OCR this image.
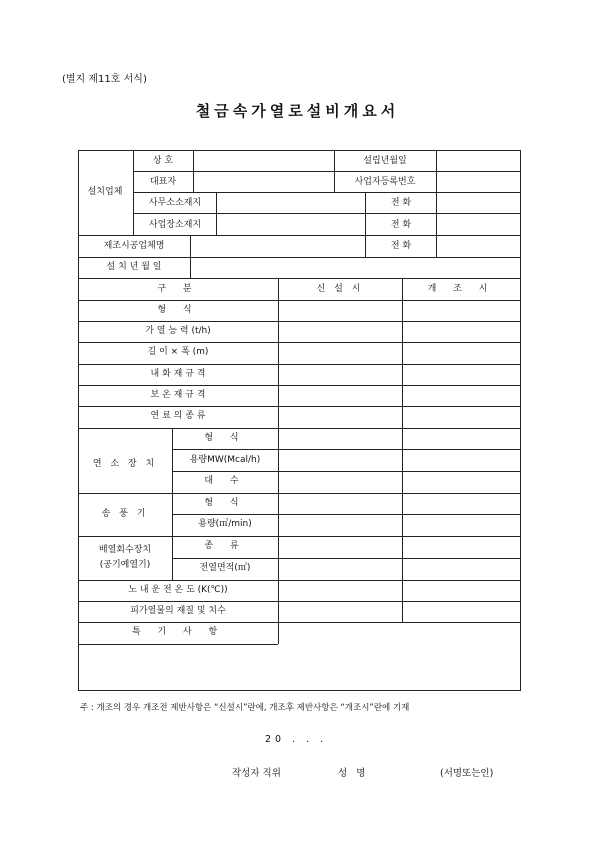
(별지 제11호 서식)
철금속가열로설비개요서
설치업체
상 호	설립년월일
대표자	사업자등록번호
사무소소재지	전 화
사업장소재지	전 화
제조시공업체명	전 화
설 치 년 월 일
구 분	신 설 시	개 조 시
형 식
가 열 능 력 (t/h)
길 이 × 폭 (m)
내 화 재 규 격
보 온 재 규 격
연 료 의 종 류
연 소 장 치
형 식
용량MW(Mcal/h)
대 수
송 풍 기
형 식
용량(㎥/min)
배열회수장치
(공기예열기)
종 류
전열면적(㎡)
노 내 운 전 온 도 (K(℃))
피가열물의 재질 및 치수
특 기 사 항
주 : 개조의 경우 개조전 제반사항은 “신설시”란에, 개조후 제반사항은 “개조시”란에 기재
20 . . .
작성자 직위	성 명	(서명또는인)
